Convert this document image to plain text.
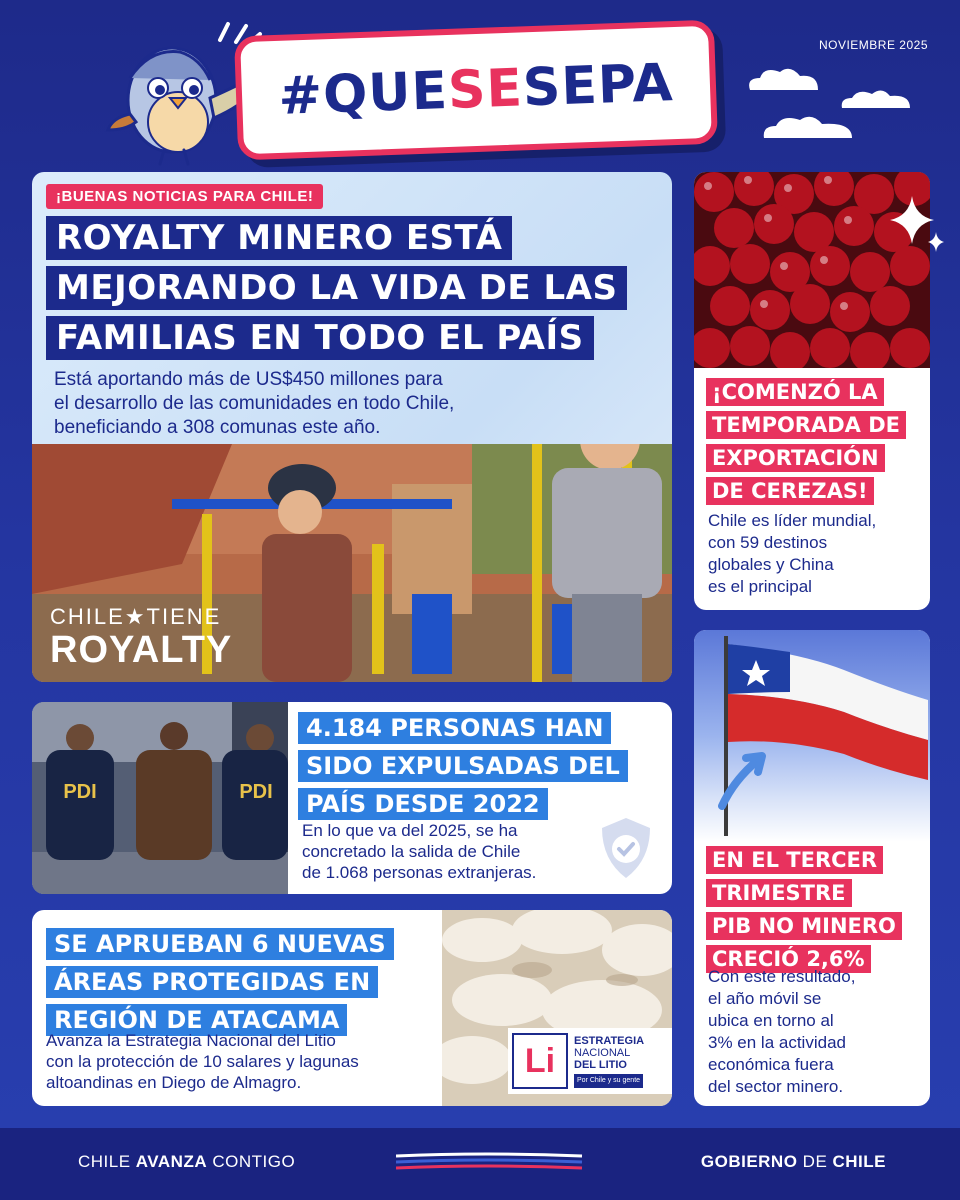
#QUE
SE
SEPA
NOVIEMBRE 2025
¡BUENAS NOTICIAS PARA CHILE!
ROYALTY MINERO ESTÁ
MEJORANDO LA VIDA DE LAS
FAMILIAS EN TODO EL PAÍS
Está aportando más de US$450 millones para
el desarrollo de las comunidades en todo Chile,
beneficiando a 308 comunas este año.
CHILE★TIENE
ROYALTY
¡COMENZÓ LA
TEMPORADA DE
EXPORTACIÓN
DE CEREZAS!
Chile es líder mundial,
con 59 destinos
globales y China
es el principal
PDI	PDI
4.184 PERSONAS HAN
SIDO EXPULSADAS DEL
PAÍS DESDE 2022
En lo que va del 2025, se ha
concretado la salida de Chile
de 1.068 personas extranjeras.
SE APRUEBAN 6 NUEVAS
ÁREAS PROTEGIDAS EN
REGIÓN DE ATACAMA
Avanza la Estrategia Nacional del Litio
con la protección de 10 salares y lagunas
altoandinas en Diego de Almagro.
Li
ESTRATEGIA
NACIONAL
DEL LITIO
Por Chile y su gente
EN EL TERCER
TRIMESTRE
PIB NO MINERO
CRECIÓ 2,6%
Con este resultado,
el año móvil se
ubica en torno al
3% en la actividad
económica fuera
del sector minero.
CHILE AVANZA CONTIGO	GOBIERNO DE CHILE
